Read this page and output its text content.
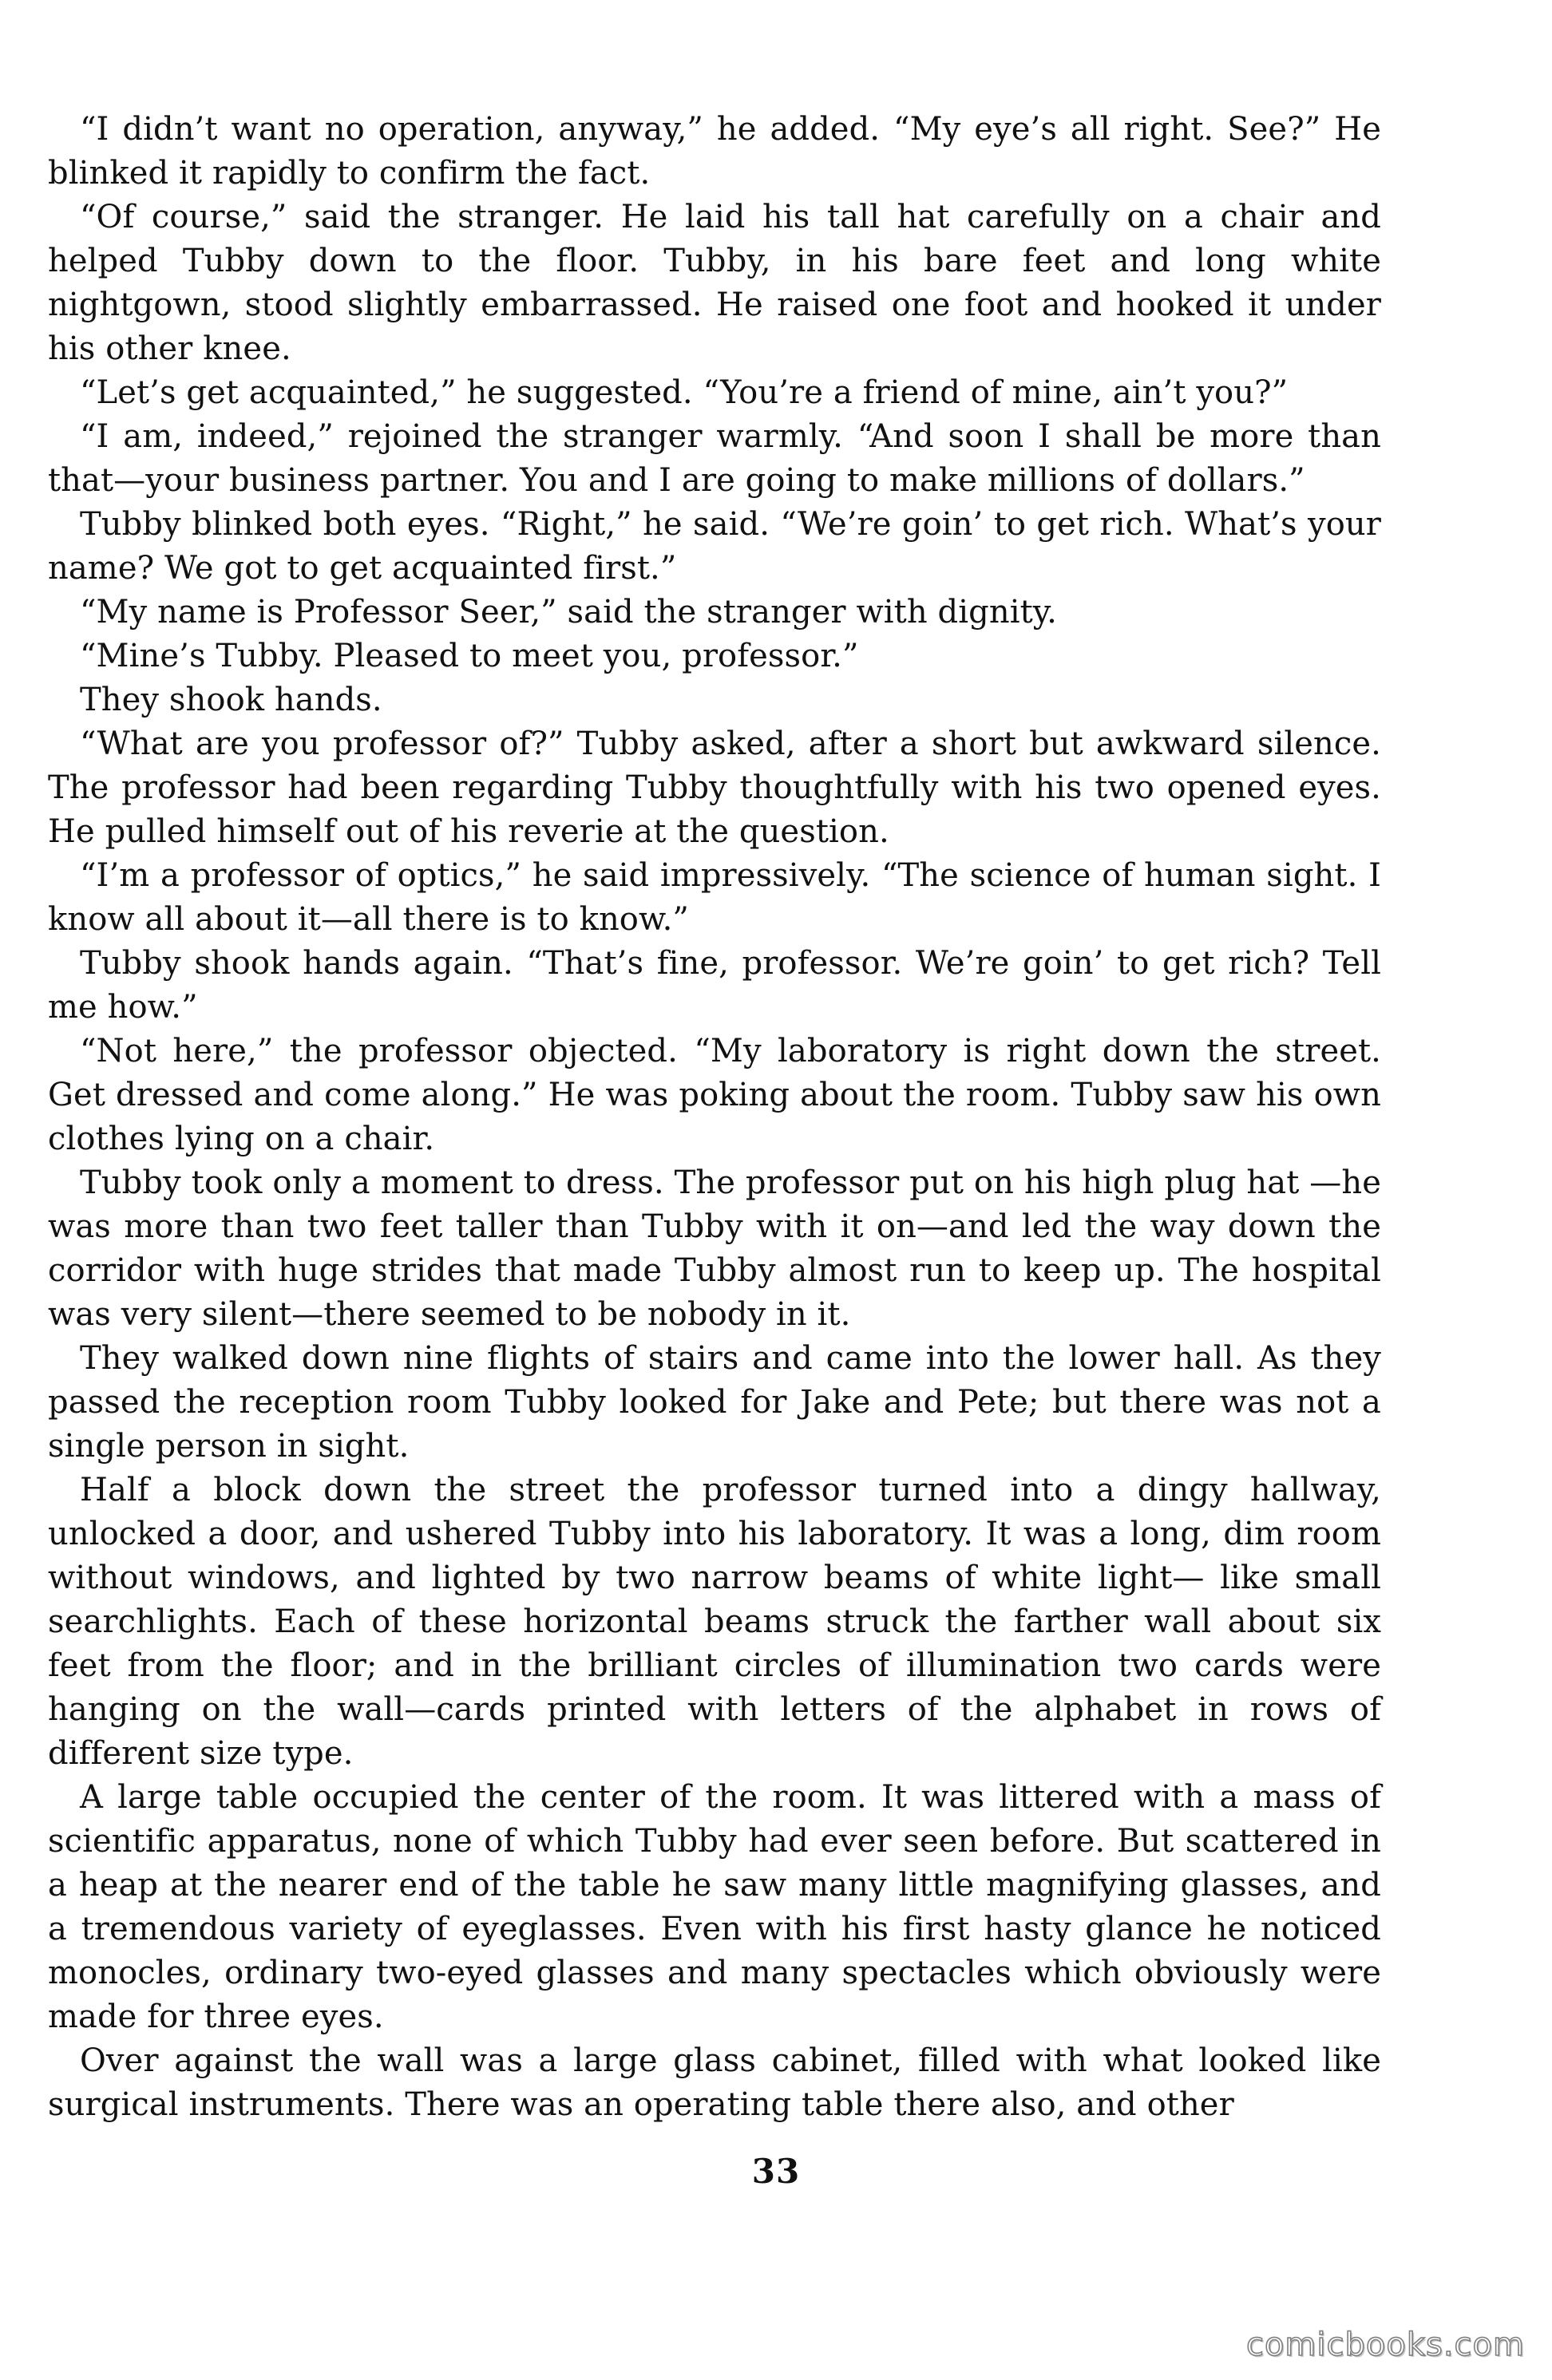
“I didn’t want no operation, anyway,” he added. “My eye’s all right. See?” He blinked it rapidly to confirm the fact.

“Of course,” said the stranger. He laid his tall hat carefully on a chair and helped Tubby down to the floor. Tubby, in his bare feet and long white nightgown, stood slightly embarrassed. He raised one foot and hooked it under his other knee.

“Let’s get acquainted,” he suggested. “You’re a friend of mine, ain’t you?”

“I am, indeed,” rejoined the stranger warmly. “And soon I shall be more than that—your business partner. You and I are going to make millions of dollars.”

Tubby blinked both eyes. “Right,” he said. “We’re goin’ to get rich. What’s your name? We got to get acquainted first.”

“My name is Professor Seer,” said the stranger with dignity.

“Mine’s Tubby. Pleased to meet you, professor.”

They shook hands.

“What are you professor of?” Tubby asked, after a short but awkward silence. The professor had been regarding Tubby thoughtfully with his two opened eyes. He pulled himself out of his reverie at the question.

“I’m a professor of optics,” he said impressively. “The science of human sight. I know all about it—all there is to know.”

Tubby shook hands again. “That’s fine, professor. We’re goin’ to get rich? Tell me how.”

“Not here,” the professor objected. “My laboratory is right down the street. Get dressed and come along.” He was poking about the room. Tubby saw his own clothes lying on a chair.

Tubby took only a moment to dress. The professor put on his high plug hat —he was more than two feet taller than Tubby with it on—and led the way down the corridor with huge strides that made Tubby almost run to keep up. The hospital was very silent—there seemed to be nobody in it.

They walked down nine flights of stairs and came into the lower hall. As they passed the reception room Tubby looked for Jake and Pete; but there was not a single person in sight.

Half a block down the street the professor turned into a dingy hallway, unlocked a door, and ushered Tubby into his laboratory. It was a long, dim room without windows, and lighted by two narrow beams of white light— like small searchlights. Each of these horizontal beams struck the farther wall about six feet from the floor; and in the brilliant circles of illumination two cards were hanging on the wall—cards printed with letters of the alphabet in rows of different size type.

A large table occupied the center of the room. It was littered with a mass of scientific apparatus, none of which Tubby had ever seen before. But scattered in a heap at the nearer end of the table he saw many little magnifying glasses, and a tremendous variety of eyeglasses. Even with his first hasty glance he noticed monocles, ordinary two-eyed glasses and many spectacles which obviously were made for three eyes.

Over against the wall was a large glass cabinet, filled with what looked like surgical instruments. There was an operating table there also, and other

33
comicbooks.com
